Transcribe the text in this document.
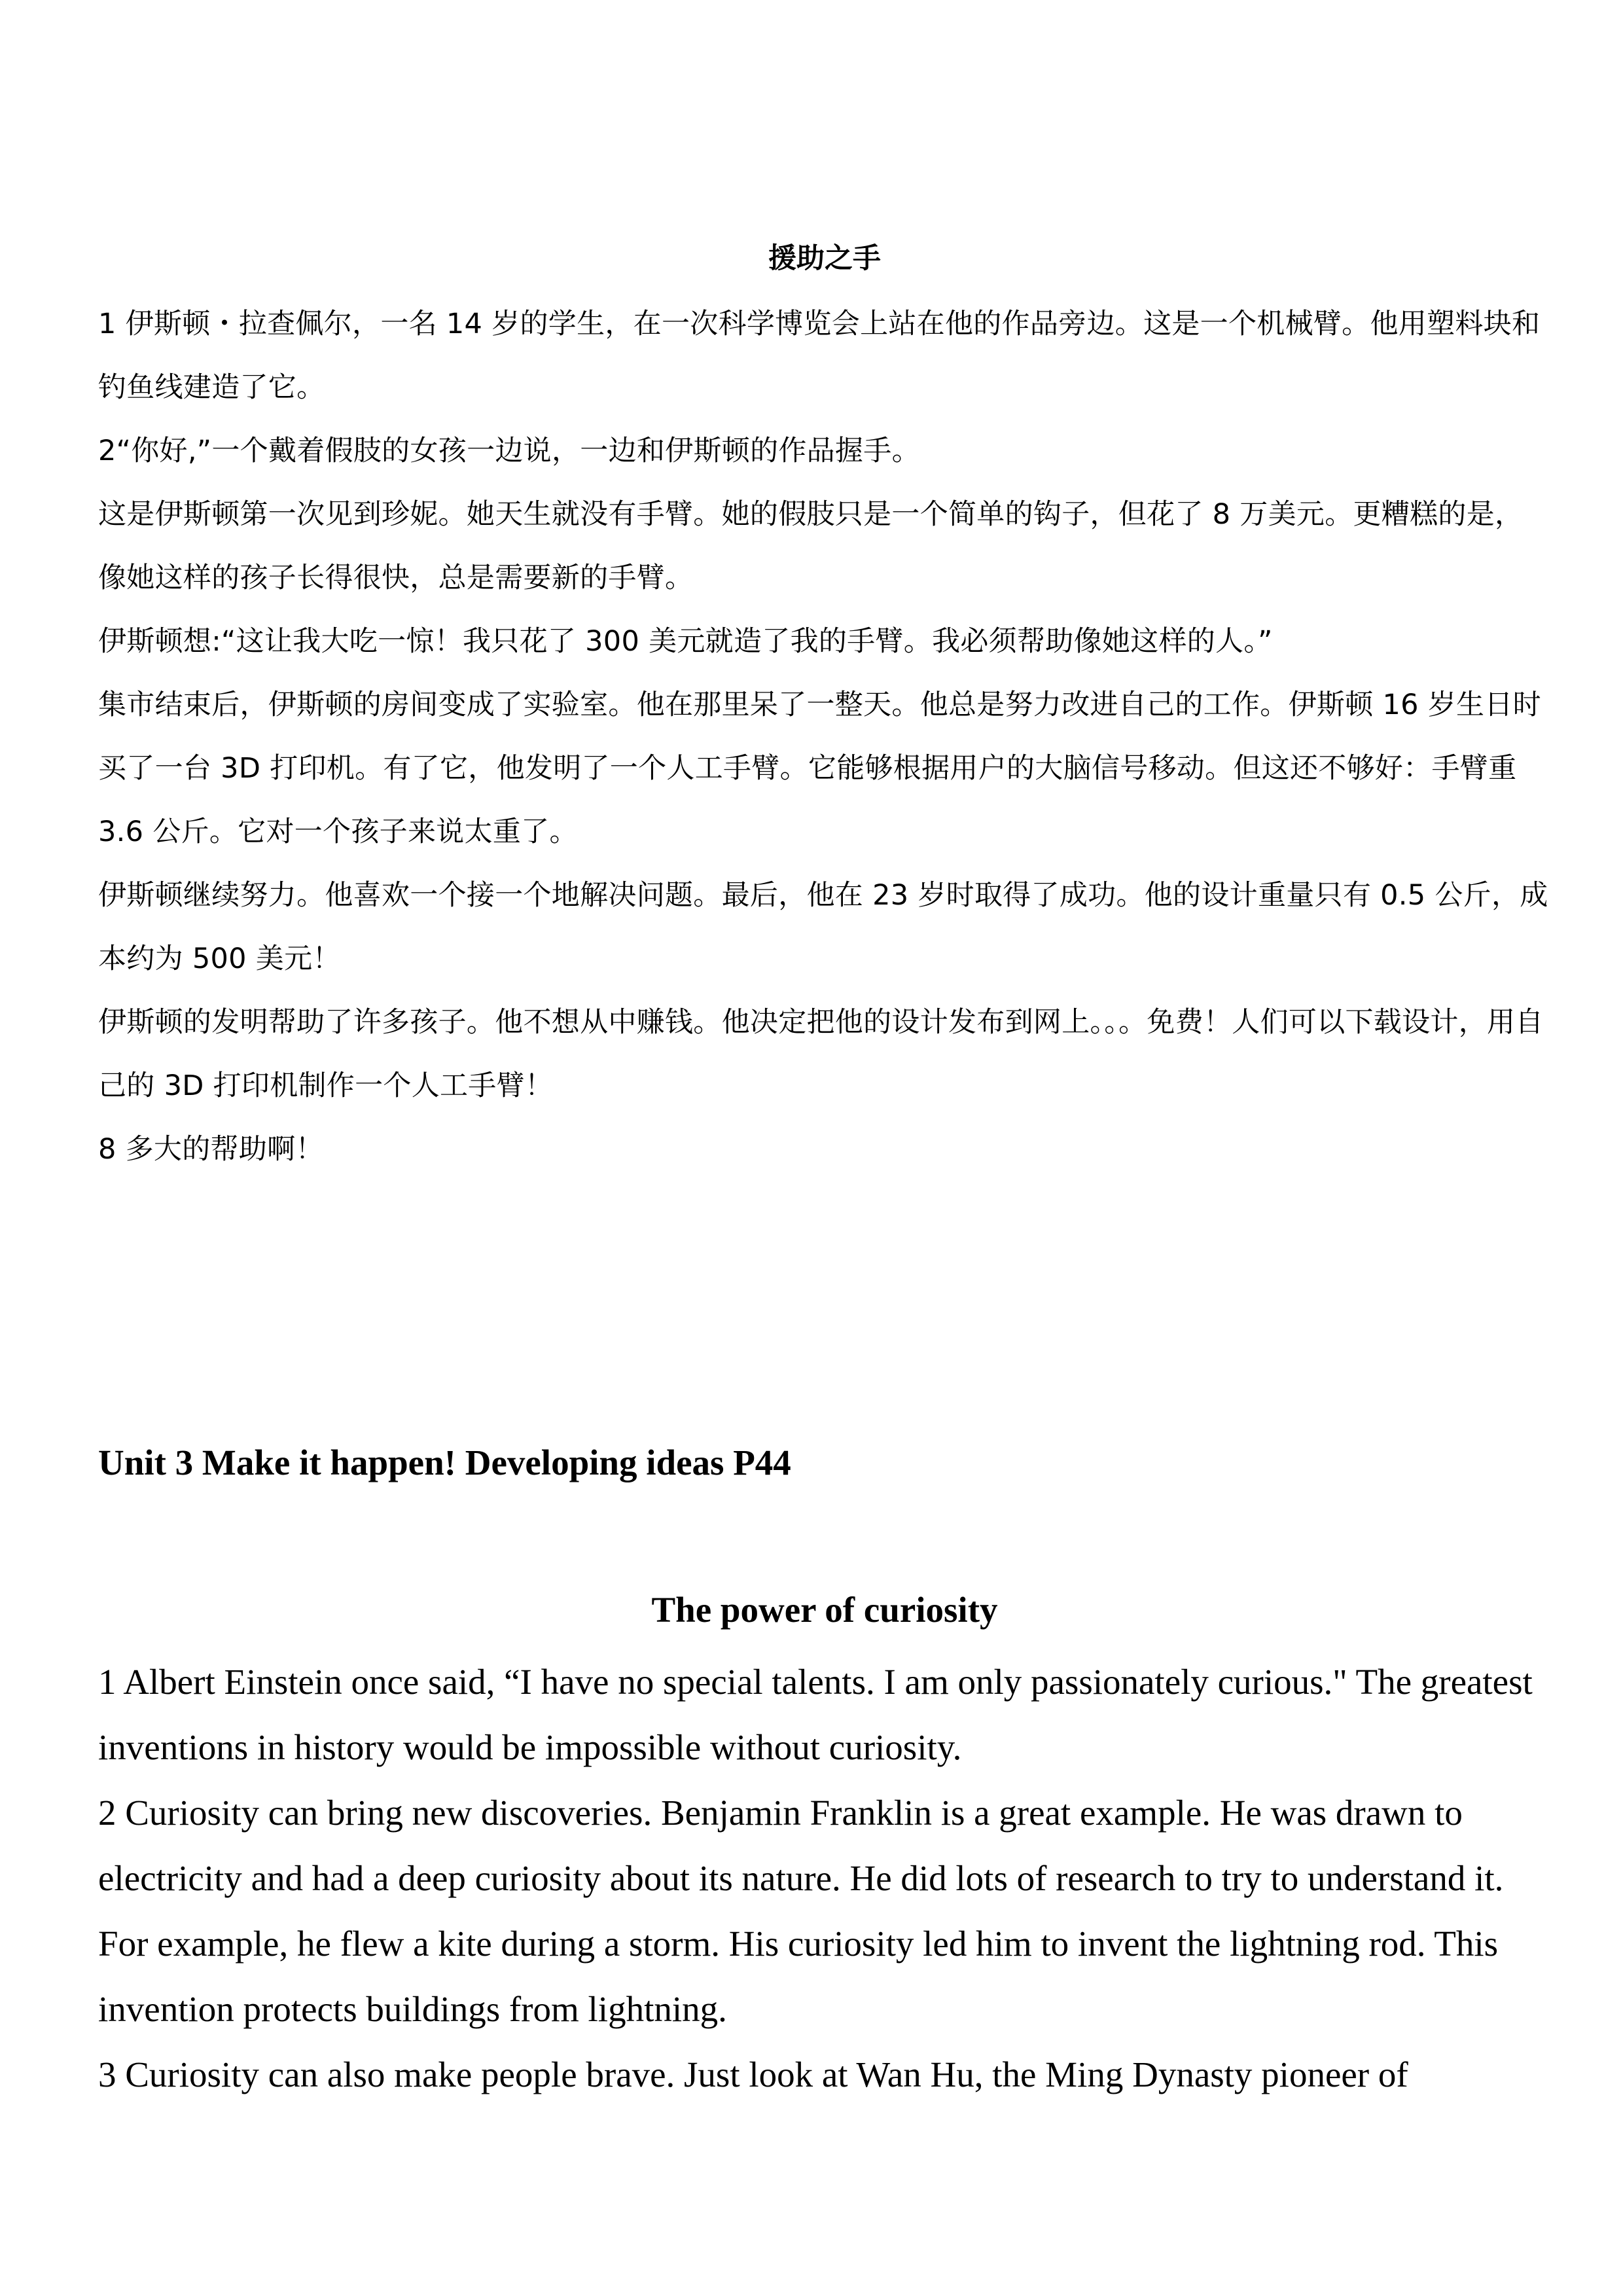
援助之手

1 伊斯顿・拉查佩尔，一名 14 岁的学生，在一次科学博览会上站在他的作品旁边。这是一个机械臂。他用塑料块和钓鱼线建造了它。

2“你好,”一个戴着假肢的女孩一边说，一边和伊斯顿的作品握手。

这是伊斯顿第一次见到珍妮。她天生就没有手臂。她的假肢只是一个简单的钩子，但花了 8 万美元。更糟糕的是，像她这样的孩子长得很快，总是需要新的手臂。

伊斯顿想:“这让我大吃一惊！我只花了 300 美元就造了我的手臂。我必须帮助像她这样的人。”

集市结束后，伊斯顿的房间变成了实验室。他在那里呆了一整天。他总是努力改进自己的工作。伊斯顿 16 岁生日时买了一台 3D 打印机。有了它，他发明了一个人工手臂。它能够根据用户的大脑信号移动。但这还不够好：手臂重 3.6 公斤。它对一个孩子来说太重了。

伊斯顿继续努力。他喜欢一个接一个地解决问题。最后，他在 23 岁时取得了成功。他的设计重量只有 0.5 公斤，成本约为 500 美元！

伊斯顿的发明帮助了许多孩子。他不想从中赚钱。他决定把他的设计发布到网上。。。免费！人们可以下载设计，用自己的 3D 打印机制作一个人工手臂！

8 多大的帮助啊！

Unit 3 Make it happen! Developing ideas P44
The power of curiosity

1 Albert Einstein once said, “I have no special talents. I am only passionately curious." The greatest inventions in history would be impossible without curiosity.

2 Curiosity can bring new discoveries. Benjamin Franklin is a great example. He was drawn to electricity and had a deep curiosity about its nature. He did lots of research to try to understand it. For example, he flew a kite during a storm. His curiosity led him to invent the lightning rod. This invention protects buildings from lightning.

3 Curiosity can also make people brave. Just look at Wan Hu, the Ming Dynasty pioneer of
